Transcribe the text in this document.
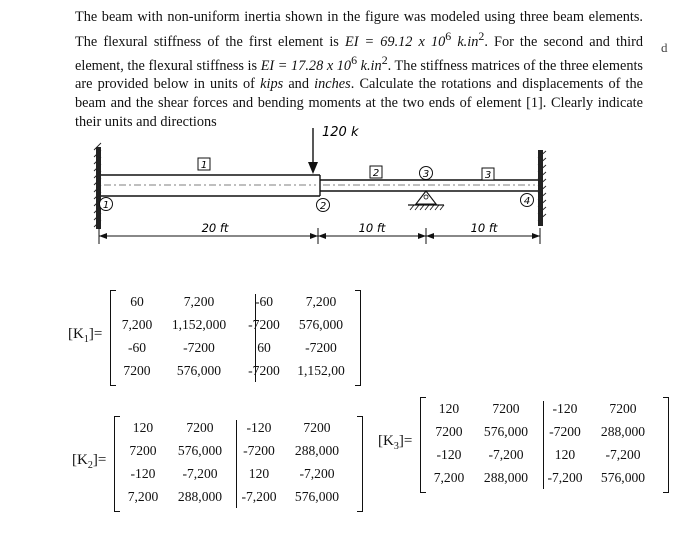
The beam with non-uniform inertia shown in the figure was modeled using three beam elements. The flexural stiffness of the first element is EI = 69.12 x $10^6$ $k.in^2$. For the second and third element, the flexural stiffness is EI = 17.28 x $10^6$ $k.in^2$. The stiffness matrices of the three elements are provided below in units of kips and inches. Calculate the rotations and displacements of the beam and the shear forces and bending moments at the two ends of element [1]. Clearly indicate their units and directions

d
120 k
1	2
3
4
1
2	3
20 ft	10 ft	10 ft
$[K_1]=$
60	7,200	-60	7,200
7,200	1,152,000	-7200	576,000
-60	-7200	60	-7200
7200	576,000	-7200	1,152,00
$[K_2]=$
120	7200	-120	7200
7200	576,000	-7200	288,000
-120	-7,200	120	-7,200
7,200	288,000	-7,200	576,000
$[K_3]=$
120	7200	-120	7200
7200	576,000	-7200	288,000
-120	-7,200	120	-7,200
7,200	288,000	-7,200	576,000
